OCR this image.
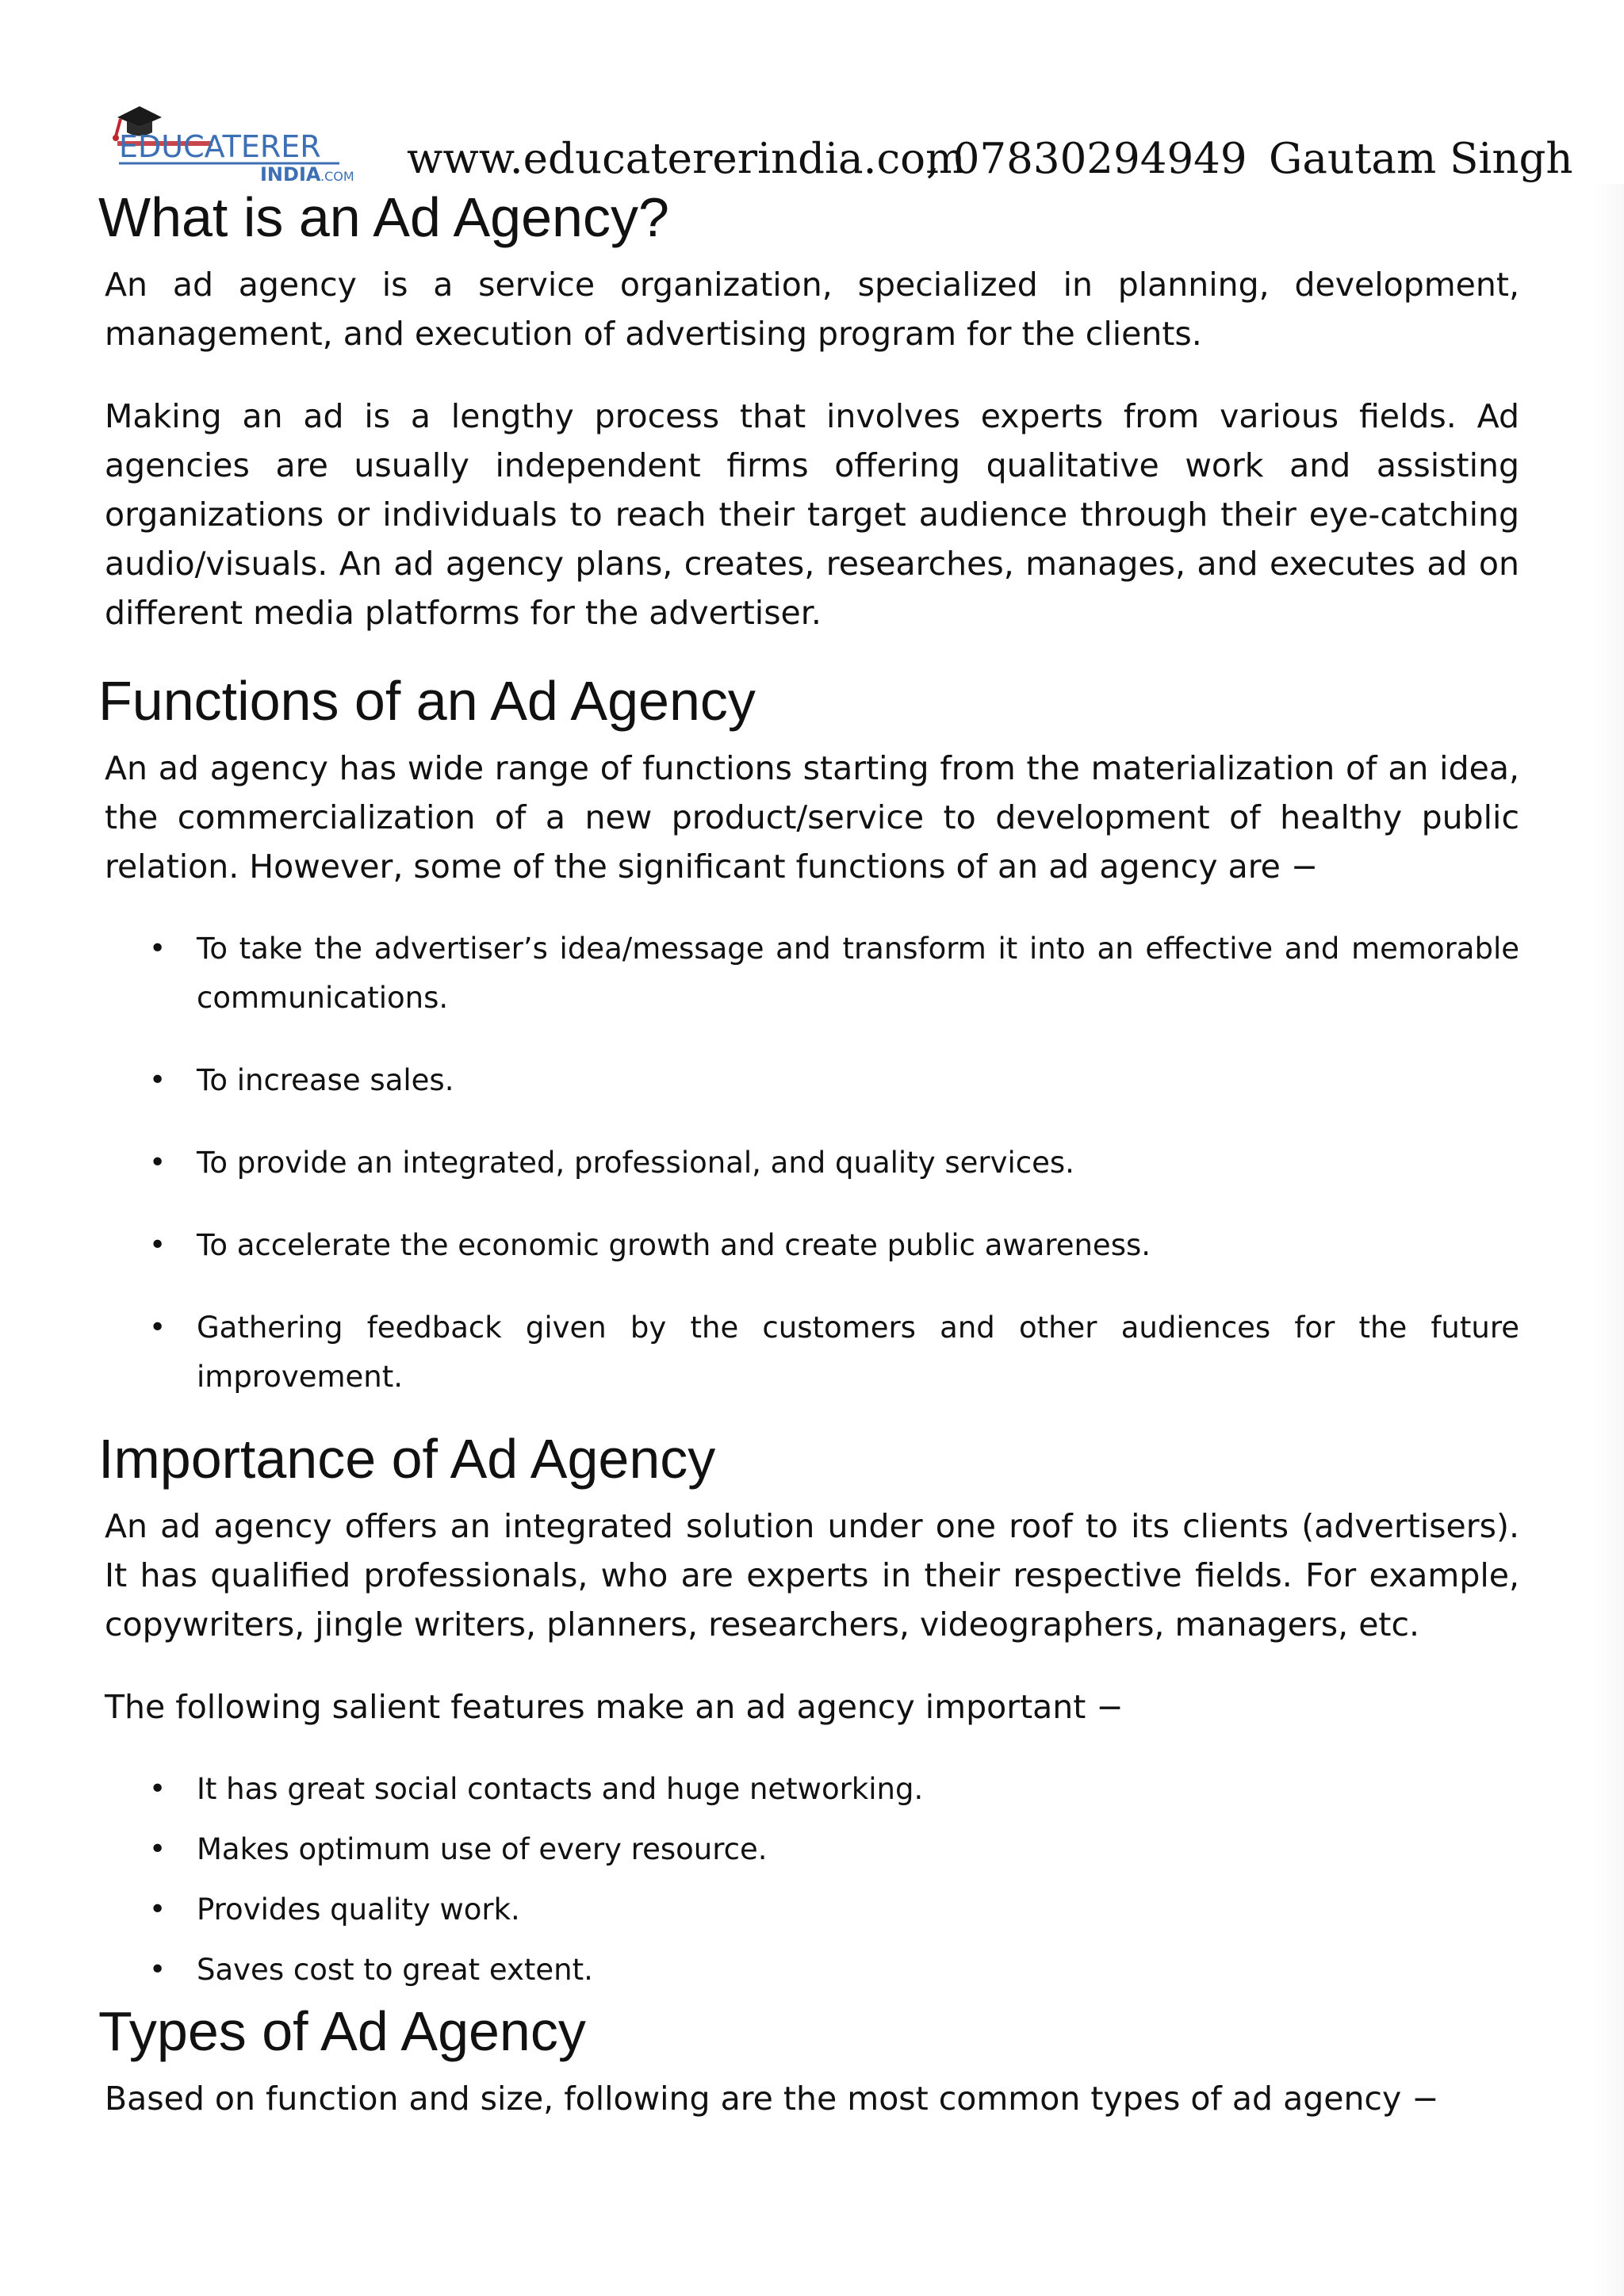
EDUCATERER
INDIA .COM www.educatererindia.com
, 07830294949 Gautam Singh
What is an Ad Agency?

An ad agency is a service organization, specialized in planning, development, management, and execution of advertising program for the clients.

Making an ad is a lengthy process that involves experts from various fields. Ad agencies are usually independent firms offering qualitative work and assisting organizations or individuals to reach their target audience through their eye-catching audio/visuals. An ad agency plans, creates, researches, manages, and executes ad on different media platforms for the advertiser.

Functions of an Ad Agency

An ad agency has wide range of functions starting from the materialization of an idea, the commercialization of a new product/service to development of healthy public relation. However, some of the significant functions of an ad agency are −

• To take the advertiser’s idea/message and transform it into an effective and memorable communications.
• To increase sales.
• To provide an integrated, professional, and quality services.
• To accelerate the economic growth and create public awareness.
• Gathering feedback given by the customers and other audiences for the future improvement.
Importance of Ad Agency

An ad agency offers an integrated solution under one roof to its clients (advertisers). It has qualified professionals, who are experts in their respective fields. For example, copywriters, jingle writers, planners, researchers, videographers, managers, etc.

The following salient features make an ad agency important −

• It has great social contacts and huge networking.
• Makes optimum use of every resource.
• Provides quality work.
• Saves cost to great extent.
Types of Ad Agency

Based on function and size, following are the most common types of ad agency −
